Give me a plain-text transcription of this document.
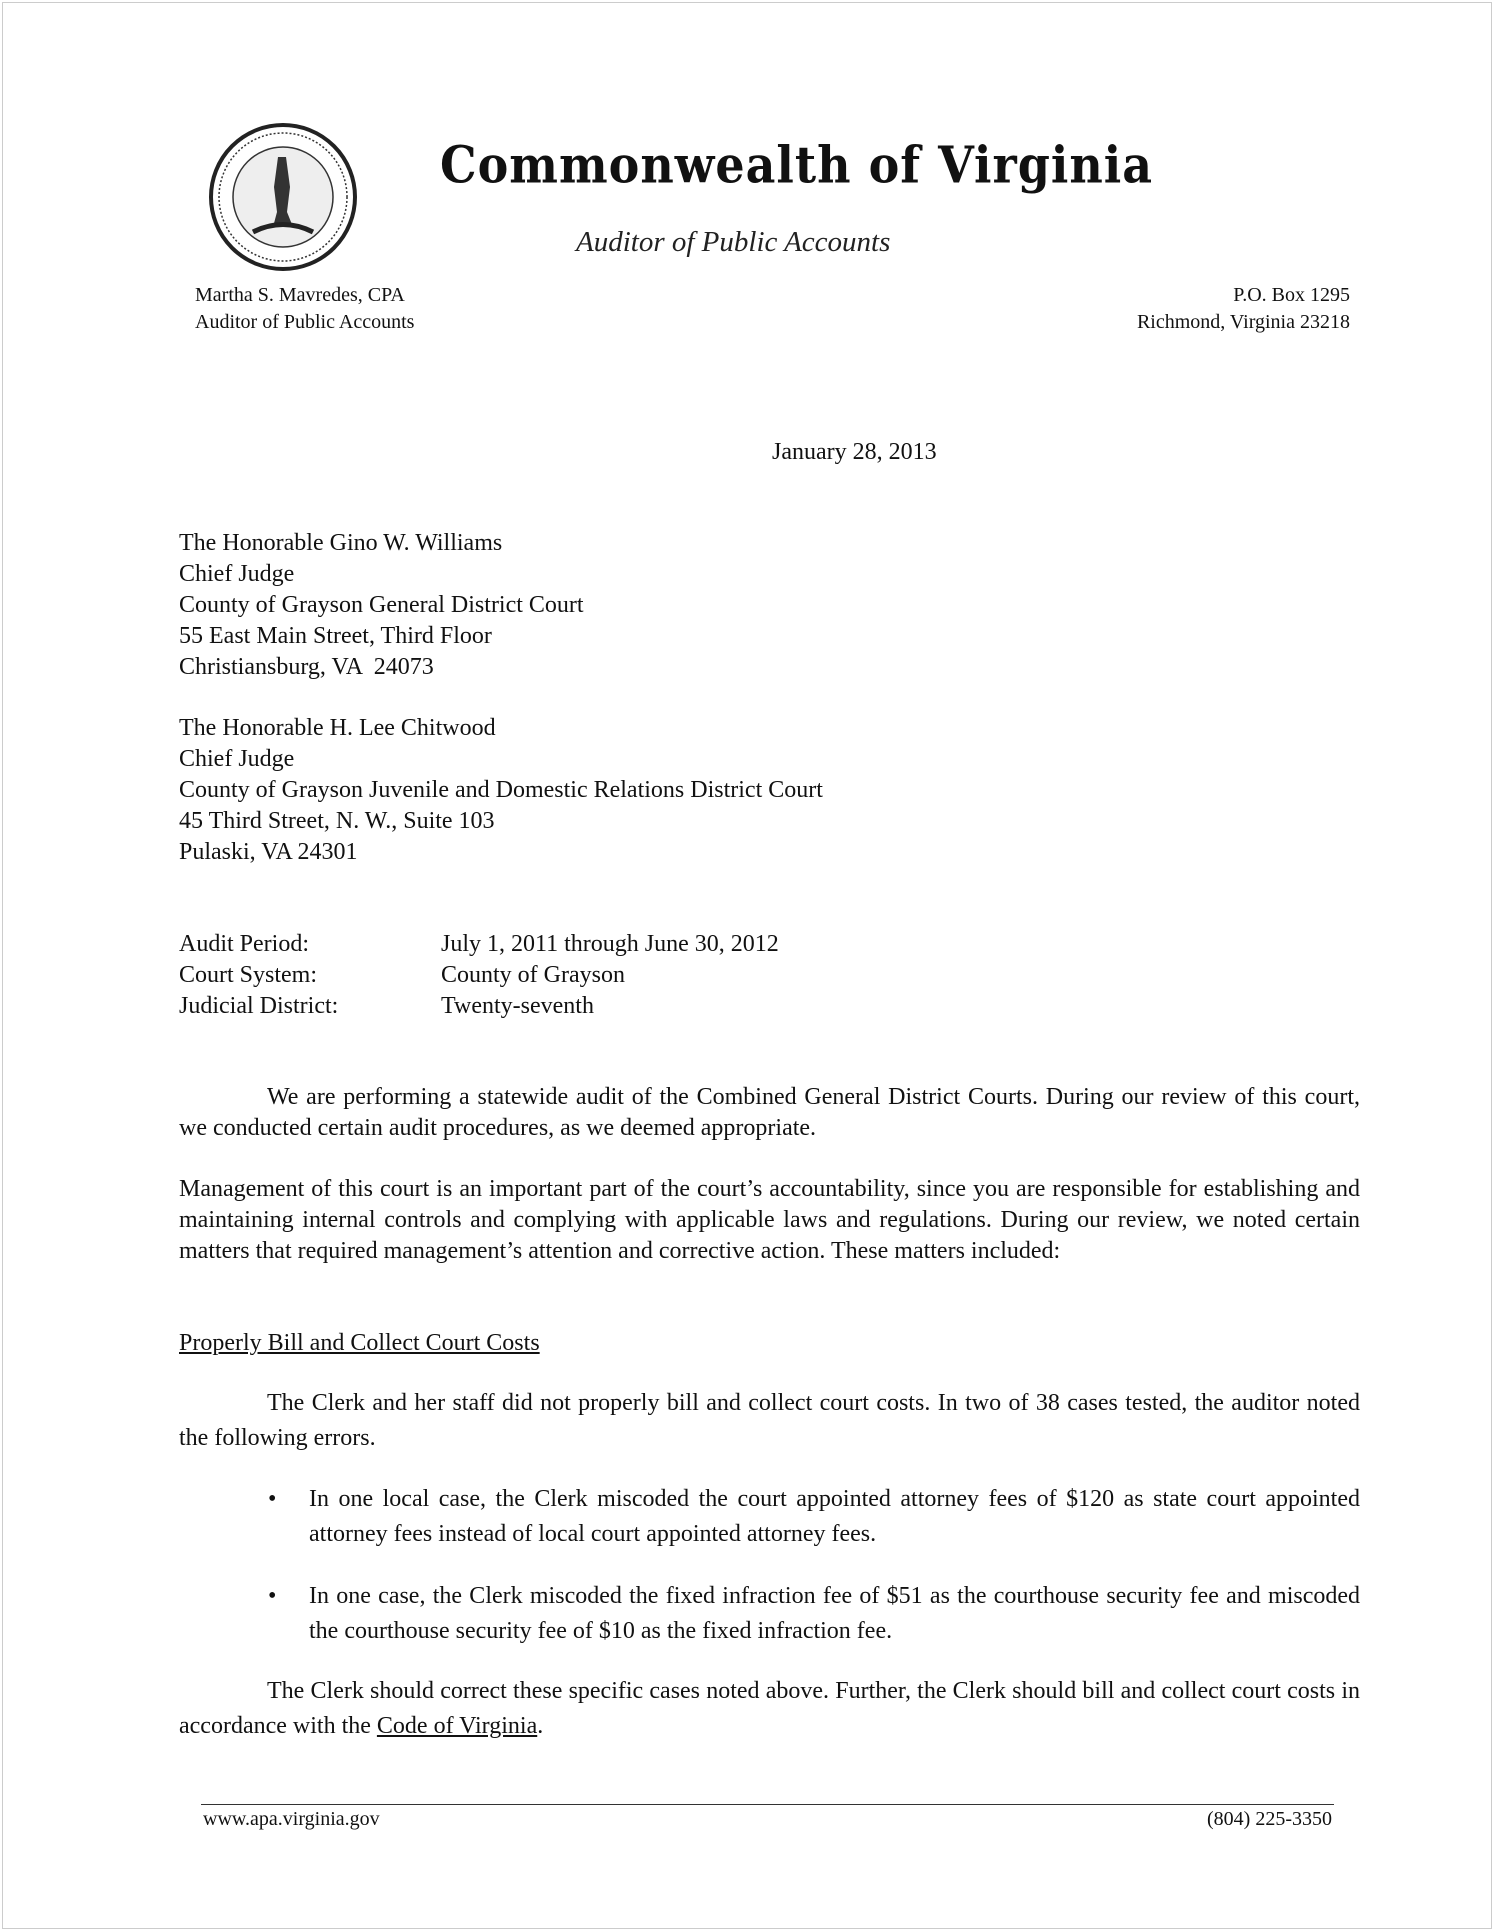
Commonwealth of Virginia
Auditor of Public Accounts
Martha S. Mavredes, CPA
Auditor of Public Accounts
P.O. Box 1295
Richmond, Virginia 23218
January 28, 2013
The Honorable Gino W. Williams
Chief Judge
County of Grayson General District Court
55 East Main Street, Third Floor
Christiansburg, VA  24073
The Honorable H. Lee Chitwood
Chief Judge
County of Grayson Juvenile and Domestic Relations District Court
45 Third Street, N. W., Suite 103
Pulaski, VA 24301
Audit Period:	July 1, 2011 through June 30, 2012
Court System:	County of Grayson
Judicial District:	Twenty-seventh
We are performing a statewide audit of the Combined General District Courts. During our review of this court, we conducted certain audit procedures, as we deemed appropriate.
Management of this court is an important part of the court’s accountability, since you are responsible for establishing and maintaining internal controls and complying with applicable laws and regulations. During our review, we noted certain matters that required management’s attention and corrective action. These matters included:
Properly Bill and Collect Court Costs
The Clerk and her staff did not properly bill and collect court costs. In two of 38 cases tested, the auditor noted the following errors.
•	In one local case, the Clerk miscoded the court appointed attorney fees of $120 as state court appointed attorney fees instead of local court appointed attorney fees.
•	In one case, the Clerk miscoded the fixed infraction fee of $51 as the courthouse security fee and miscoded the courthouse security fee of $10 as the fixed infraction fee.
The Clerk should correct these specific cases noted above. Further, the Clerk should bill and collect court costs in accordance with the Code of Virginia.
www.apa.virginia.gov	(804) 225-3350
